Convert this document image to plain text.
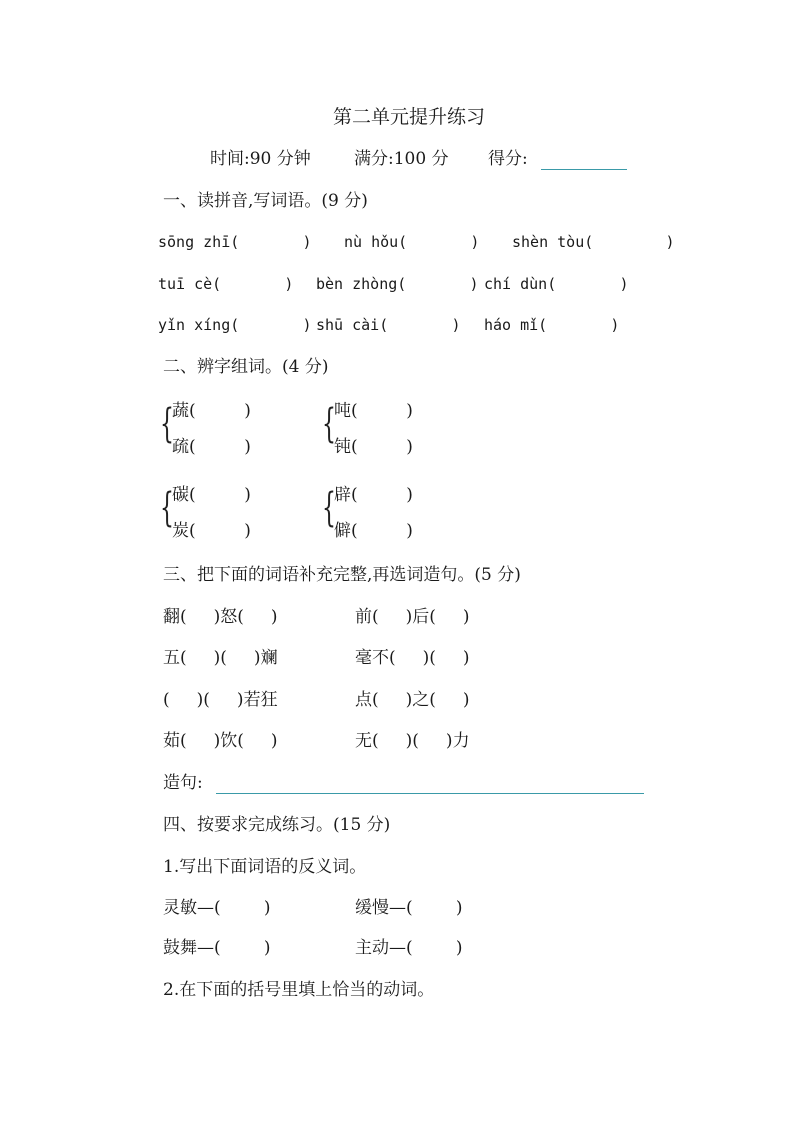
第二单元提升练习
时间:90 分钟	满分:100 分 得分:
一、读拼音,写词语。(9 分)
sōng zhī(       ) nù hǒu(       ) shèn tòu(        )
tuī cè(       ) bèn zhòng(       ) chí dùn(       )
yǐn xíng(       ) shū cài(       ) háo mǐ(       )
二、辨字组词。(4 分)
{
蔬(         )
疏(         ) {
吨(         )
钝(         )
{
碳(         )
炭(         ) {
辟(         )
僻(         )
三、把下面的词语补充完整,再选词造句。(5 分)
翻(     )怒(     )	前(     )后(     )
五(     )(     )斓	毫不(     )(     )
(     )(     )若狂	点(     )之(     )
茹(     )饮(     )	无(     )(     )力
造句:
四、按要求完成练习。(15 分)
1.写出下面词语的反义词。
灵敏—(        )	缓慢—(        )
鼓舞—(        )	主动—(        )
2.在下面的括号里填上恰当的动词。
